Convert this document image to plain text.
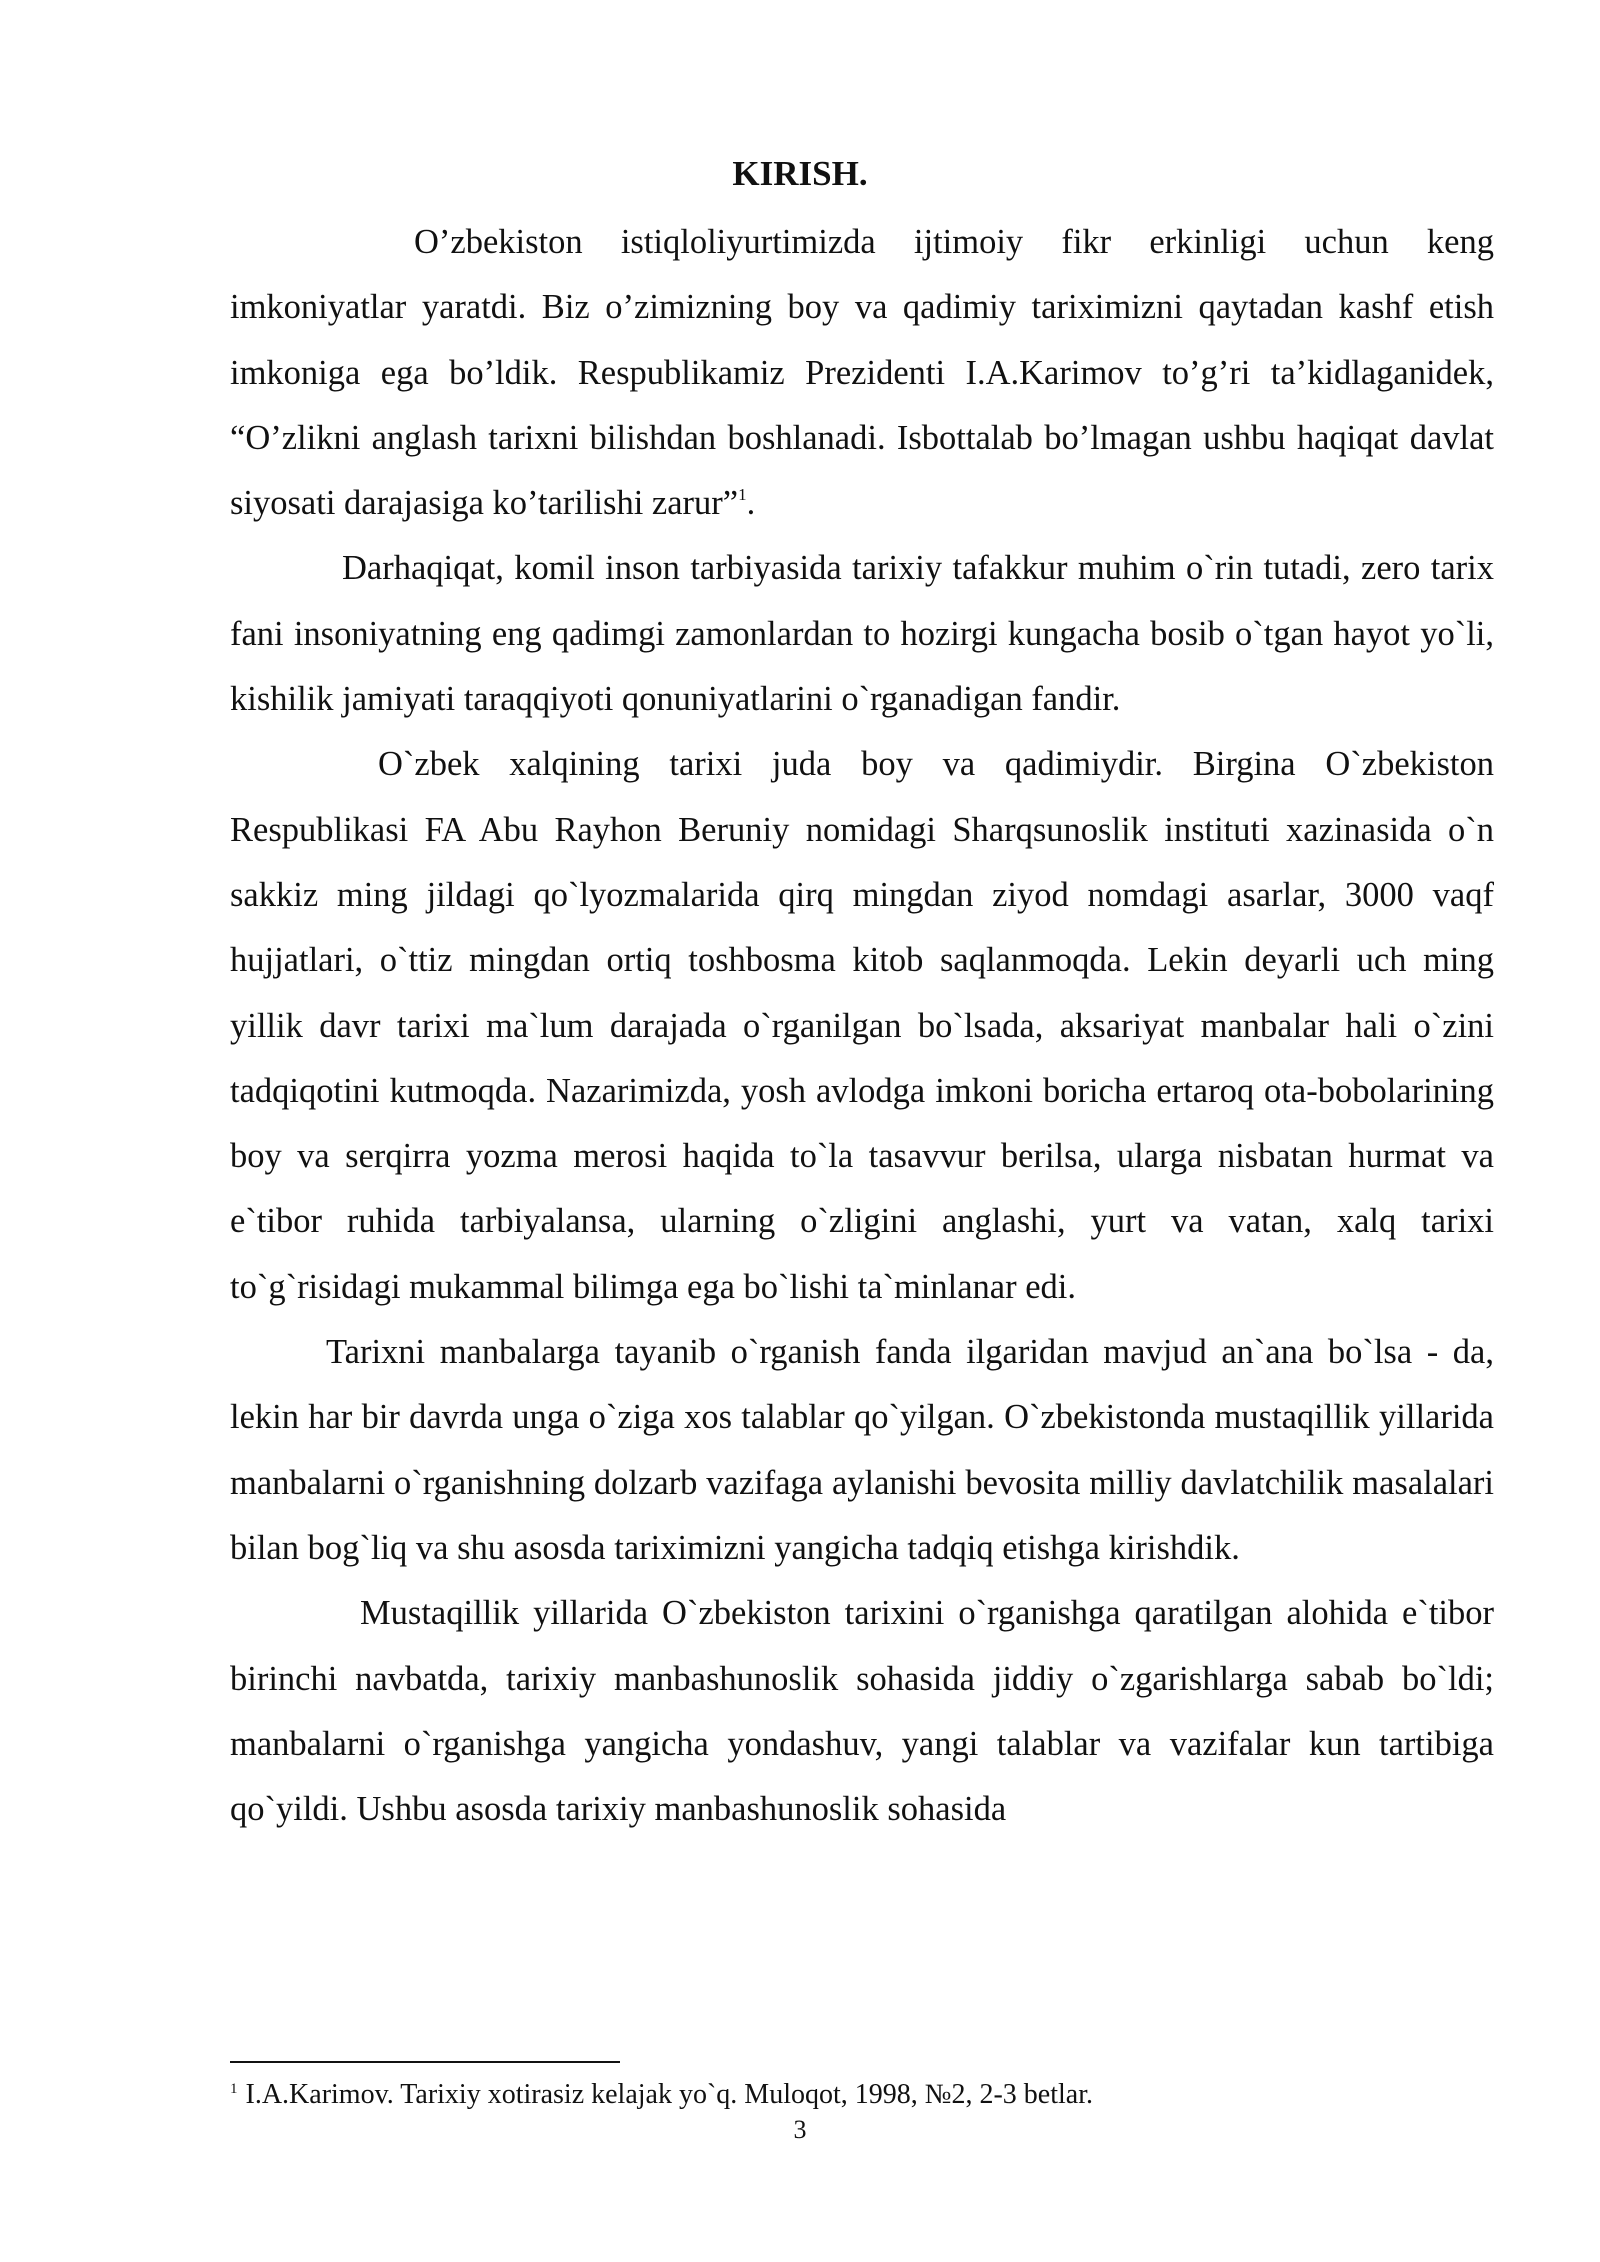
KIRISH.

O’zbekiston istiqloliyurtimizda ijtimoiy fikr erkinligi uchun keng imkoniyatlar yaratdi. Biz o’zimizning boy va qadimiy tariximizni qaytadan kashf etish imkoniga ega bo’ldik. Respublikamiz Prezidenti I.A.Karimov to’g’ri ta’kidlaganidek, “O’zlikni anglash tarixni bilishdan boshlanadi. Isbottalab bo’lmagan ushbu haqiqat davlat siyosati darajasiga ko’tarilishi zarur”$^1$.

Darhaqiqat, komil inson tarbiyasida tarixiy tafakkur muhim o`rin tutadi, zero tarix fani insoniyatning eng qadimgi zamonlardan to hozirgi kungacha bosib o`tgan hayot yo`li, kishilik jamiyati taraqqiyoti qonuniyatlarini o`rganadigan fandir.

O`zbek xalqining tarixi juda boy va qadimiydir. Birgina O`zbekiston Respublikasi FA Abu Rayhon Beruniy nomidagi Sharqsunoslik instituti xazinasida o`n sakkiz ming jildagi qo`lyozmalarida qirq mingdan ziyod nomdagi asarlar, 3000 vaqf hujjatlari, o`ttiz mingdan ortiq toshbosma kitob saqlanmoqda. Lekin deyarli uch ming yillik davr tarixi ma`lum darajada o`rganilgan bo`lsada, aksariyat manbalar hali o`zini tadqiqotini kutmoqda. Nazarimizda, yosh avlodga imkoni boricha ertaroq ota-bobolarining boy va serqirra yozma merosi haqida to`la tasavvur berilsa, ularga nisbatan hurmat va e`tibor ruhida tarbiyalansa, ularning o`zligini anglashi, yurt va vatan, xalq tarixi to`g`risidagi mukammal bilimga ega bo`lishi ta`minlanar edi.

Tarixni manbalarga tayanib o`rganish fanda ilgaridan mavjud an`ana bo`lsa - da, lekin har bir davrda unga o`ziga xos talablar qo`yilgan. O`zbekistonda mustaqillik yillarida manbalarni o`rganishning dolzarb vazifaga aylanishi bevosita milliy davlatchilik masalalari bilan bog`liq va shu asosda tariximizni yangicha tadqiq etishga kirishdik.

Mustaqillik yillarida O`zbekiston tarixini o`rganishga qaratilgan alohida e`tibor birinchi navbatda, tarixiy manbashunoslik sohasida jiddiy o`zgarishlarga sabab bo`ldi; manbalarni o`rganishga yangicha yondashuv, yangi talablar va vazifalar kun tartibiga qo`yildi. Ushbu asosda tarixiy manbashunoslik sohasida

$^1$ I.A.Karimov. Tarixiy xotirasiz kelajak yo`q. Muloqot, 1998, №2, 2-3 betlar.
3
